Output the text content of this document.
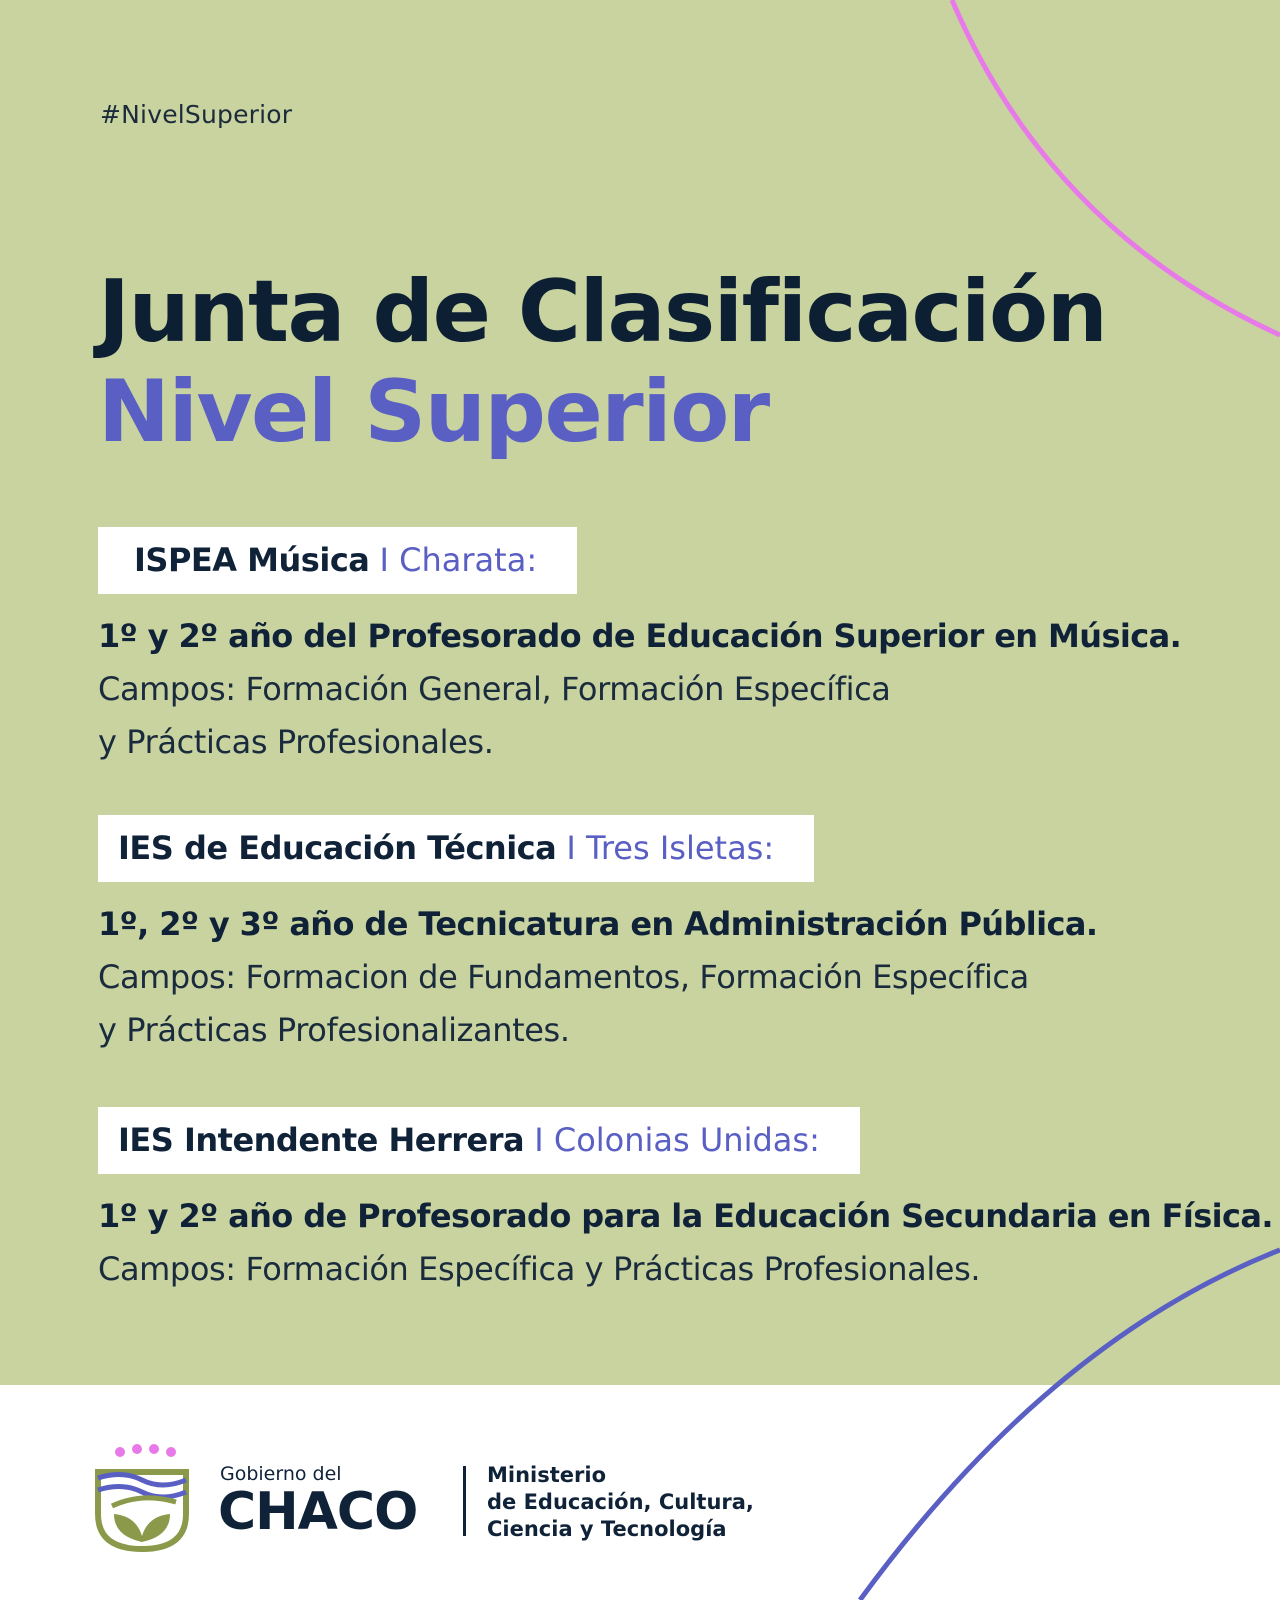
#NivelSuperior
Junta de Clasificación
Nivel Superior
ISPEA Música I Charata:
1º y 2º año del Profesorado de Educación Superior en Música.
Campos: Formación General, Formación Específica
y Prácticas Profesionales.
IES de Educación Técnica I Tres Isletas:
1º, 2º y 3º año de Tecnicatura en Administración Pública.
Campos: Formacion de Fundamentos, Formación Específica
y Prácticas Profesionalizantes.
IES Intendente Herrera I Colonias Unidas:
1º y 2º año de Profesorado para la Educación Secundaria en Física.
Campos: Formación Específica y Prácticas Profesionales.
Gobierno del
CHACO
Ministerio
de Educación, Cultura,
Ciencia y Tecnología
